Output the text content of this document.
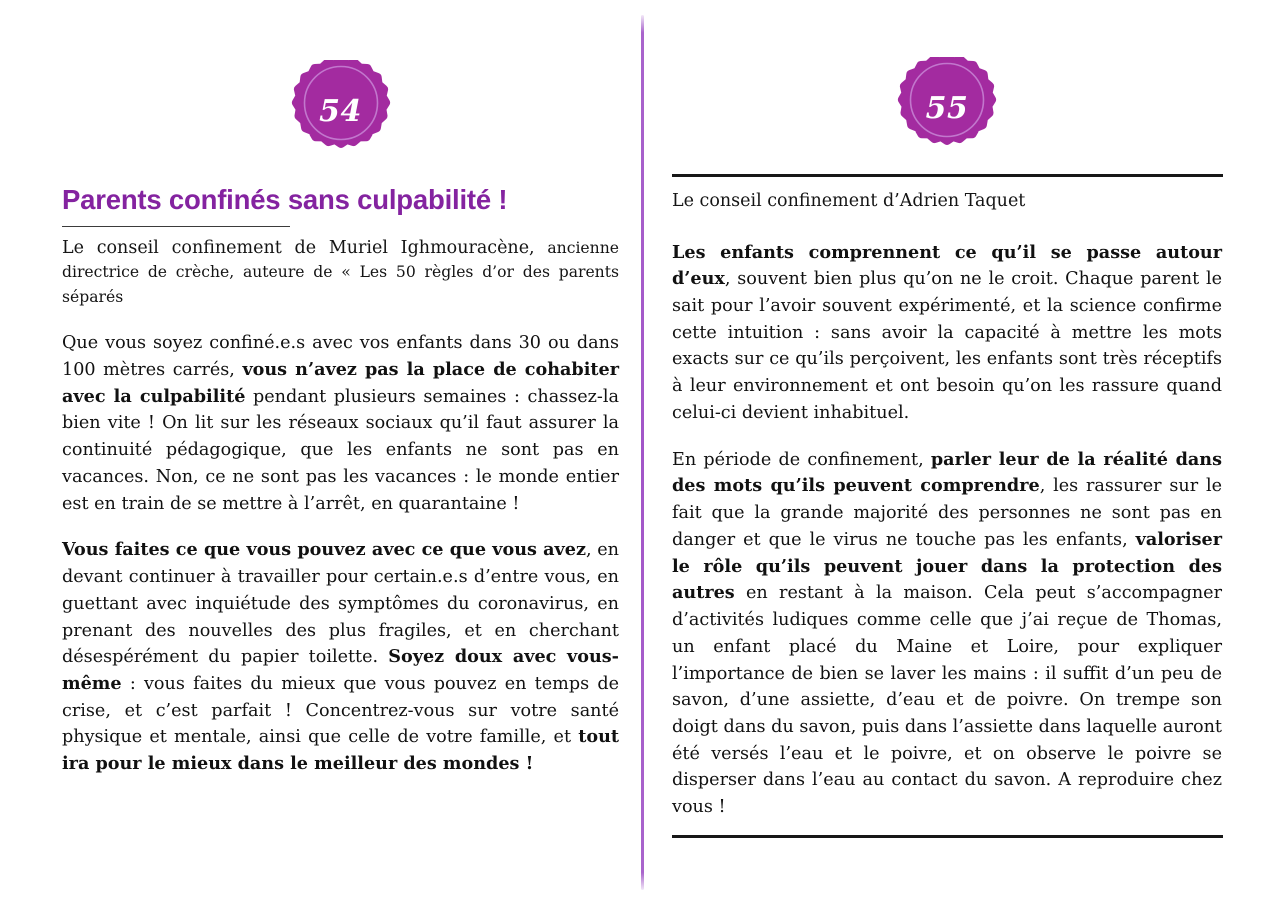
54
Parents confinés sans culpabilité !

Le conseil confinement de Muriel Ighmouracène, ancienne directrice de crèche, auteure de « Les 50 règles d’or des parents séparés

Que vous soyez confiné.e.s avec vos enfants dans 30 ou dans 100 mètres carrés, vous n’avez pas la place de cohabiter avec la culpabilité pendant plusieurs semaines : chassez-la bien vite ! On lit sur les réseaux sociaux qu’il faut assurer la continuité pédagogique, que les enfants ne sont pas en vacances. Non, ce ne sont pas les vacances : le monde entier est en train de se mettre à l’arrêt, en quarantaine !

Vous faites ce que vous pouvez avec ce que vous avez, en devant continuer à travailler pour certain.e.s d’entre vous, en guettant avec inquiétude des symptômes du coronavirus, en prenant des nouvelles des plus fragiles, et en cherchant désespérément du papier toilette. Soyez doux avec vous-même : vous faites du mieux que vous pouvez en temps de crise, et c’est parfait ! Concentrez-vous sur votre santé physique et mentale, ainsi que celle de votre famille, et tout ira pour le mieux dans le meilleur des mondes !

55

Le conseil confinement d’Adrien Taquet

Les enfants comprennent ce qu’il se passe autour d’eux, souvent bien plus qu’on ne le croit. Chaque parent le sait pour l’avoir souvent expérimenté, et la science confirme cette intuition : sans avoir la capacité à mettre les mots exacts sur ce qu’ils perçoivent, les enfants sont très réceptifs à leur environnement et ont besoin qu’on les rassure quand celui-ci devient inhabituel.

En période de confinement, parler leur de la réalité dans des mots qu’ils peuvent comprendre, les rassurer sur le fait que la grande majorité des personnes ne sont pas en danger et que le virus ne touche pas les enfants, valoriser le rôle qu’ils peuvent jouer dans la protection des autres en restant à la maison. Cela peut s’accompagner d’activités ludiques comme celle que j’ai reçue de Thomas, un enfant placé du Maine et Loire, pour expliquer l’importance de bien se laver les mains : il suffit d’un peu de savon, d’une assiette, d’eau et de poivre. On trempe son doigt dans du savon, puis dans l’assiette dans laquelle auront été versés l’eau et le poivre, et on observe le poivre se disperser dans l’eau au contact du savon. A reproduire chez vous !
